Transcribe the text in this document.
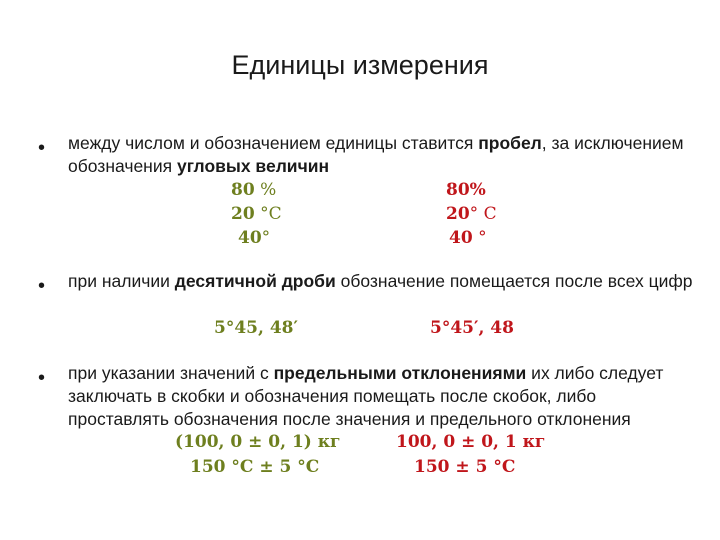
Единицы измерения
• между числом и обозначением единицы ставится пробел, за исключением обозначения угловых величин
80 %
20 °C
40°
80%
20° C
40 °
• при наличии десятичной дроби обозначение помещается после всех цифр
5°45, 48′	5°45′, 48
• при указании значений с предельными отклонениями их либо следует заключать в скобки и обозначения помещать после скобок, либо проставлять обозначения после значения и предельного отклонения
(100, 0 ± 0, 1) кг
150 °C ± 5 °C
100, 0 ± 0, 1 кг
150 ± 5 °C
